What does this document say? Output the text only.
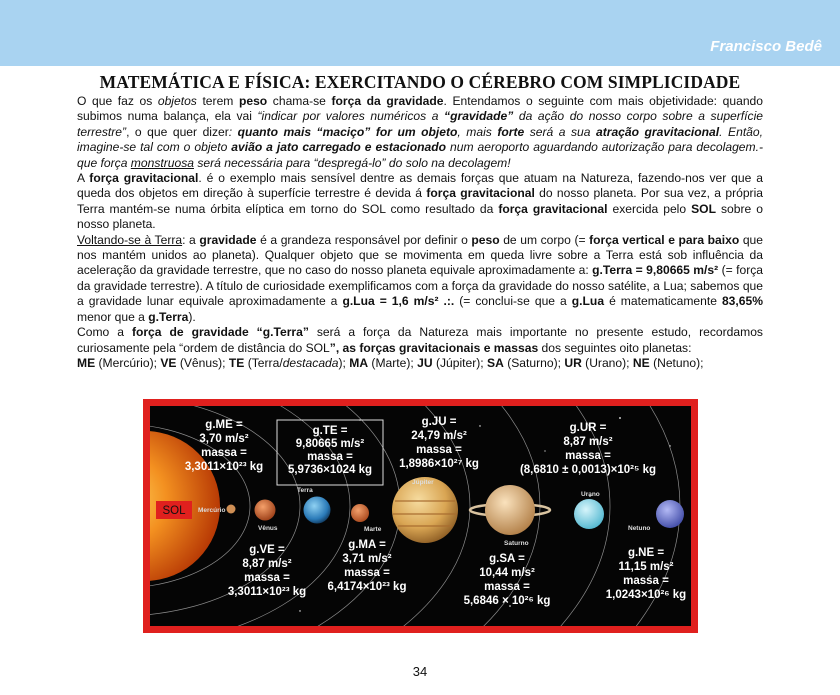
Francisco Bedê
MATEMÁTICA E FÍSICA: EXERCITANDO O CÉREBRO COM SIMPLICIDADE

O que faz os objetos terem peso chama-se força da gravidade. Entendamos o seguinte com mais objetividade: quando subimos numa balança, ela vai “indicar por valores numéricos a “gravidade” da ação do nosso corpo sobre a superfície terrestre”, o que quer dizer: quanto mais “maciço” for um objeto, mais forte será a sua atração gravitacional. Então, imagine-se tal com o objeto avião a jato carregado e estacionado num aeroporto aguardando autorização para decolagem.- que força monstruosa será necessária para “despregá-lo” do solo na decolagem!

A força gravitacional. é o exemplo mais sensível dentre as demais forças que atuam na Natureza, fazendo-nos ver que a queda dos objetos em direção à superfície terrestre é devida á força gravitacional do nosso planeta. Por sua vez, a própria Terra mantém-se numa órbita elíptica em torno do SOL como resultado da força gravitacional exercida pelo SOL sobre o nosso planeta.

Voltando-se à Terra: a gravidade é a grandeza responsável por definir o peso de um corpo (= força vertical e para baixo que nos mantém unidos ao planeta). Qualquer objeto que se movimenta em queda livre sobre a Terra está sob influência da aceleração da gravidade terrestre, que no caso do nosso planeta equivale aproximadamente a: g.Terra = 9,80665 m/s² (= força da gravidade terrestre). A título de curiosidade exemplificamos com a força da gravidade do nosso satélite, a Lua; sabemos que a gravidade lunar equivale aproximadamente a g.Lua = 1,6 m/s² .:. (= conclui-se que a g.Lua é matematicamente 83,65% menor que a g.Terra).

Como a força de gravidade “g.Terra” será a força da Natureza mais importante no presente estudo, recordamos curiosamente pela “ordem de distância do SOL”, as forças gravitacionais e massas dos seguintes oito planetas:

ME (Mercúrio); VE (Vênus); TE (Terra/destacada); MA (Marte); JU (Júpiter); SA (Saturno); UR (Urano); NE (Netuno);

SOL Mercúrio
Vênus
Terra
Marte
Júpiter
Saturno
Urano
Netuno
g.ME =
3,70 m/s²
massa =
3,3011×10²³ kg
g.TE =
9,80665 m/s²
massa =
5,9736×1024 kg
g.JU =
24,79 m/s²
massa =
1,8986×10²⁷ kg
g.UR =
8,87 m/s²
massa =
(8,6810 ± 0,0013)×10²⁵ kg
g.VE =
8,87 m/s²
massa =
3,3011×10²³ kg
g.MA =
3,71 m/s²
massa =
6,4174×10²³ kg
g.SA =
10,44 m/s²
massa =
5,6846 × 10²⁶ kg
g.NE =
11,15 m/s²
massa =
1,0243×10²⁶ kg
34
